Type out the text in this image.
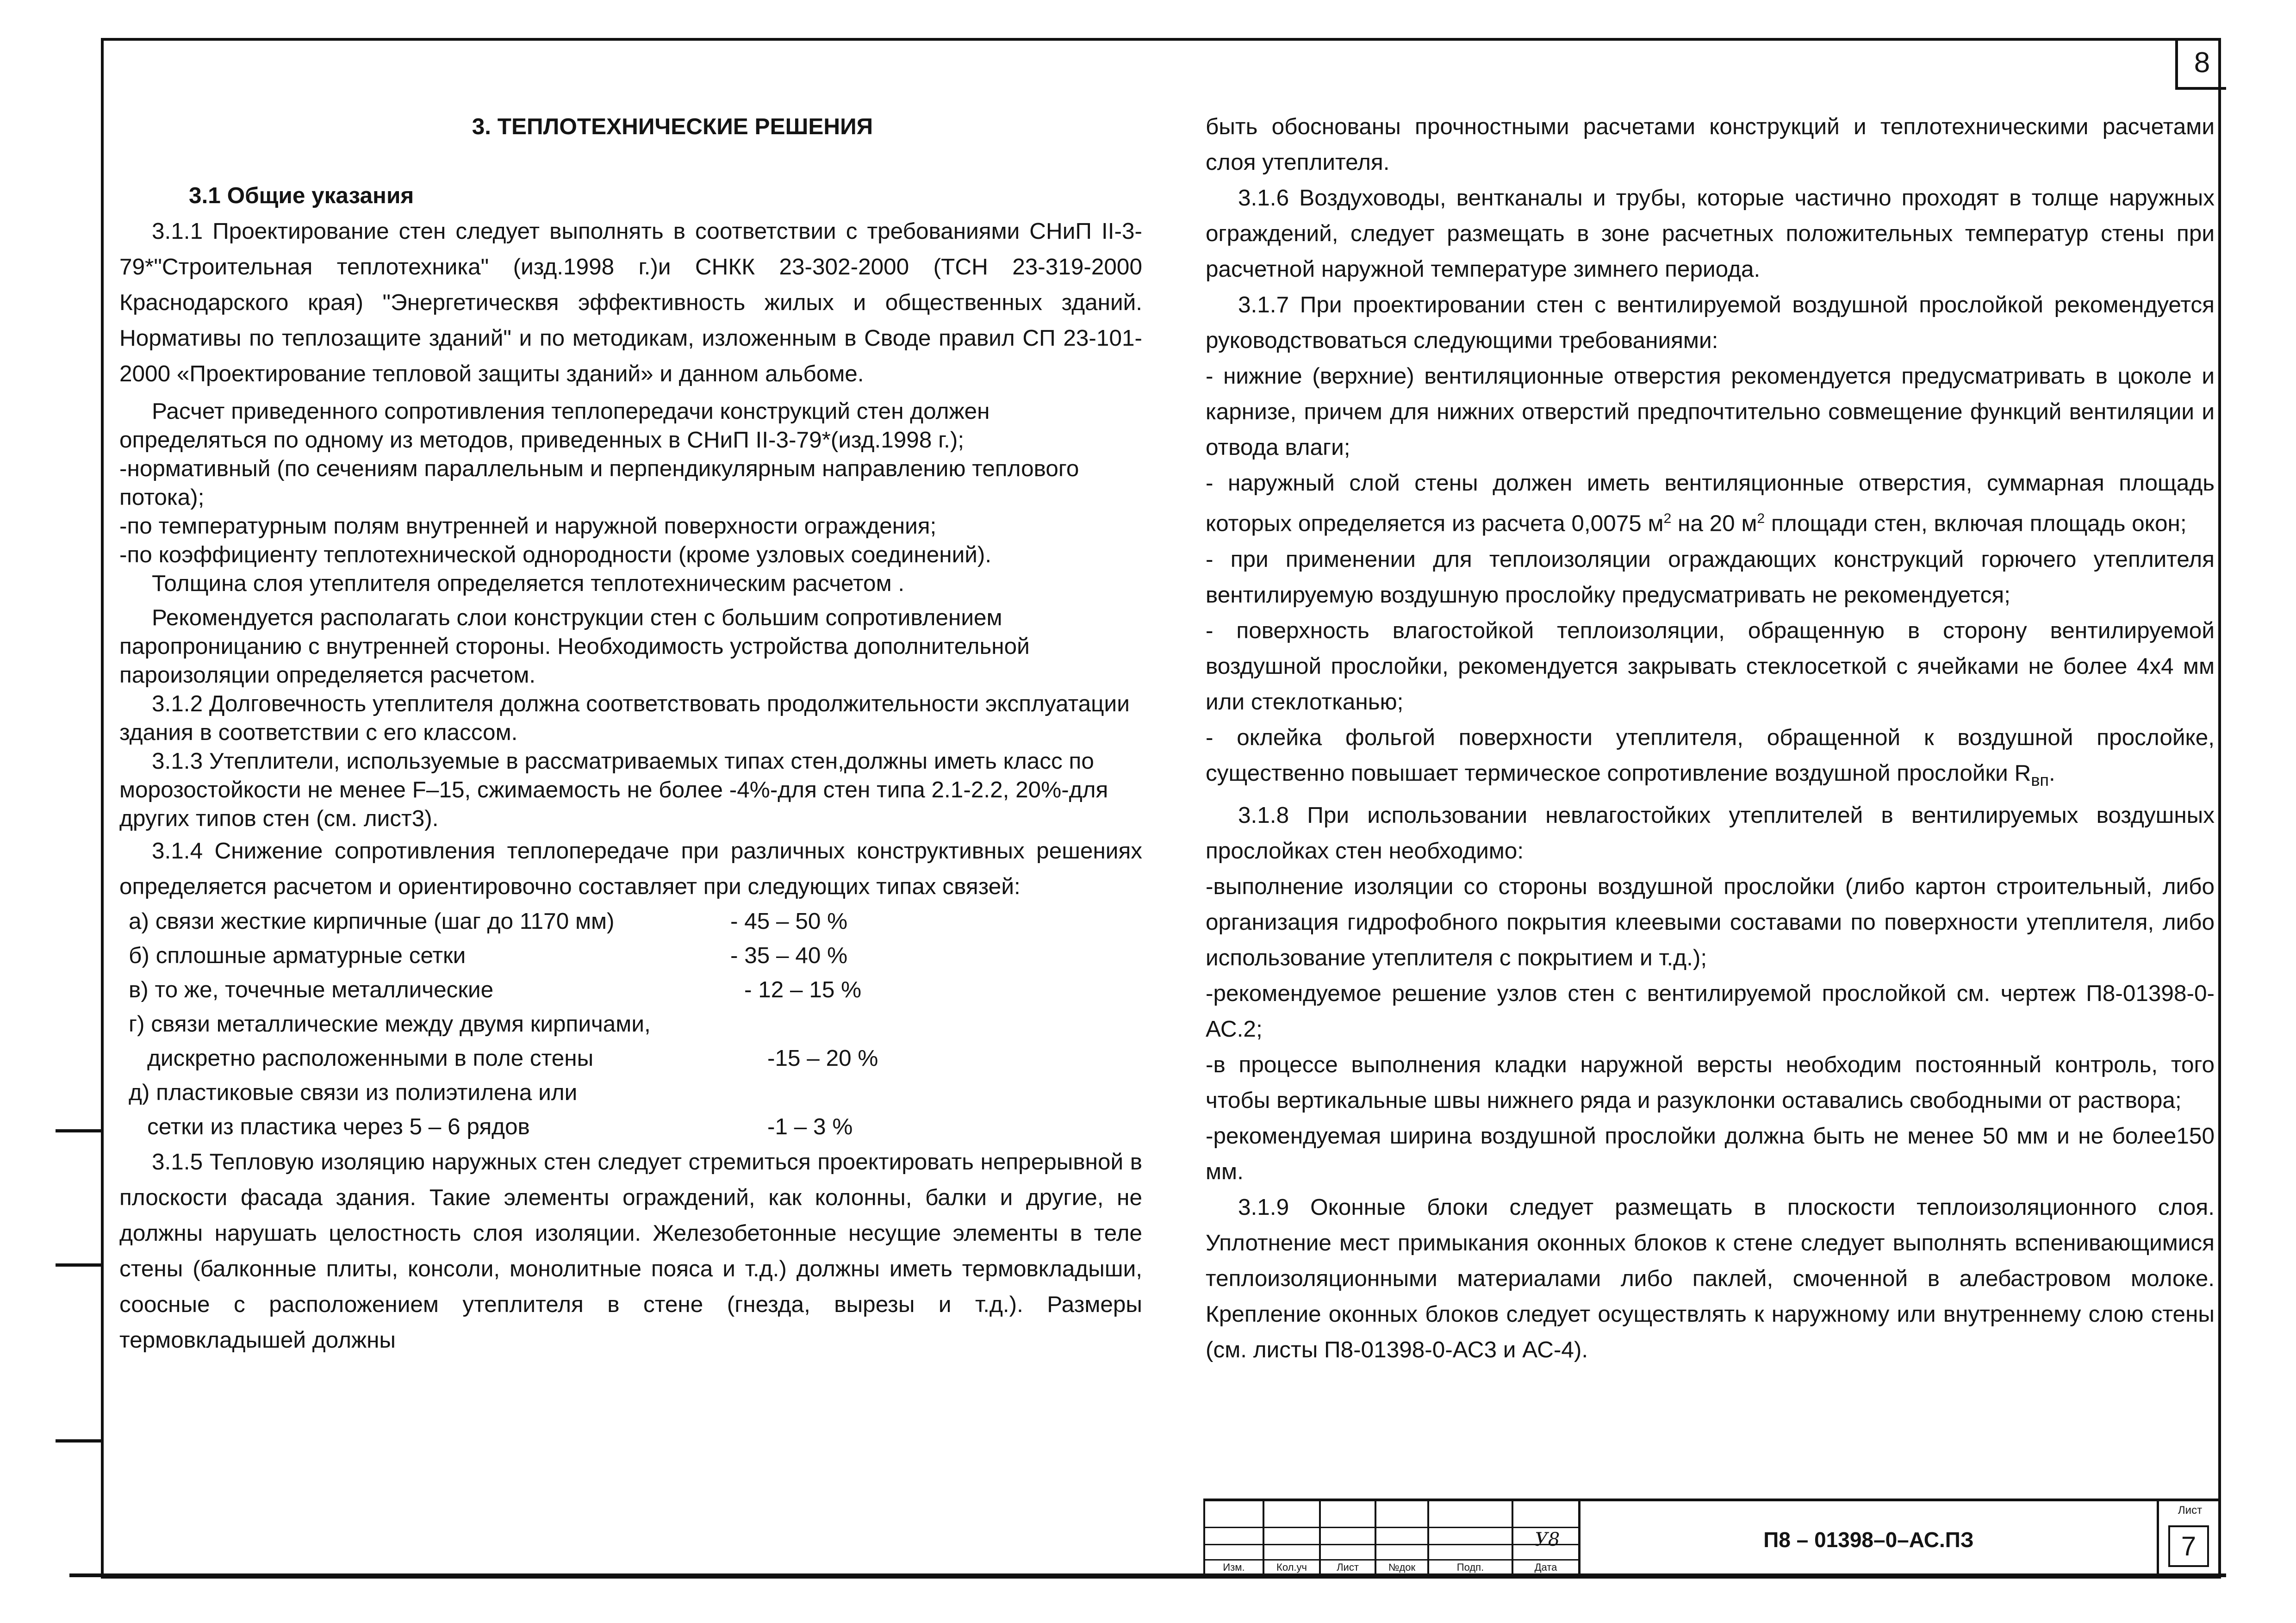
8

3. ТЕПЛОТЕХНИЧЕСКИЕ РЕШЕНИЯ

3.1 Общие указания

3.1.1 Проектирование стен следует выполнять в соответствии с требованиями СНиП II-3-79*"Строительная теплотехника" (изд.1998 г.)и СНКК 23-302-2000 (ТСН 23-319-2000 Краснодарского края) "Энергетическвя эффективность жилых и общественных зданий. Нормативы по теплозащите зданий" и по методикам, изложенным в Своде правил СП 23-101-2000 «Проектирование тепловой защиты зданий» и данном альбоме.

Расчет приведенного сопротивления теплопередачи конструкций стен должен определяться по одному из методов, приведенных в СНиП II-3-79*(изд.1998 г.);

-нормативный (по сечениям параллельным и перпендикулярным направлению теплового потока);

-по температурным полям внутренней и наружной поверхности ограждения;

-по коэффициенту теплотехнической однородности (кроме узловых соединений).

Толщина слоя утеплителя определяется теплотехническим расчетом .

Рекомендуется располагать слои конструкции стен с большим сопротивлением паропроницанию с внутренней стороны. Необходимость устройства дополнительной пароизоляции определяется расчетом.

3.1.2 Долговечность утеплителя должна соответствовать продолжительности эксплуатации здания в соответствии с его классом.

3.1.3 Утеплители, используемые в рассматриваемых типах стен,должны иметь класс по морозостойкости не менее F–15, сжимаемость не более -4%-для стен типа 2.1-2.2, 20%-для других типов стен (см. лист3).

3.1.4 Снижение сопротивления теплопередаче при различных конструктивных решениях определяется расчетом и ориентировочно составляет при следующих типах связей:

а) связи жесткие кирпичные (шаг до 1170 мм)	- 45 – 50 %
б) сплошные арматурные сетки	- 35 – 40 %
в) то же, точечные металлические	- 12 – 15 %
г) связи металлические между двумя кирпичами,
дискретно расположенными в поле стены	-15 – 20 %
д) пластиковые связи из полиэтилена или
сетки из пластика через 5 – 6 рядов	-1 – 3 %

3.1.5 Тепловую изоляцию наружных стен следует стремиться проектировать непрерывной в плоскости фасада здания. Такие элементы ограждений, как колонны, балки и другие, не должны нарушать целостность слоя изоляции. Железобетонные несущие элементы в теле стены (балконные плиты, консоли, монолитные пояса и т.д.) должны иметь термовкладыши, соосные с расположением утеплителя в стене (гнезда, вырезы и т.д.). Размеры термовкладышей должны

быть обоснованы прочностными расчетами конструкций и теплотехническими расчетами слоя утеплителя.

3.1.6 Воздуховоды, вентканалы и трубы, которые частично проходят в толще наружных ограждений, следует размещать в зоне расчетных положительных температур стены при расчетной наружной температуре зимнего периода.

3.1.7 При проектировании стен с вентилируемой воздушной прослойкой рекомендуется руководствоваться следующими требованиями:

- нижние (верхние) вентиляционные отверстия рекомендуется предусматривать в цоколе и карнизе, причем для нижних отверстий предпочтительно совмещение функций вентиляции и отвода влаги;

- наружный слой стены должен иметь вентиляционные отверстия, суммарная площадь которых определяется из расчета 0,0075 $м^2$ на 20 $м^2$ площади стен, включая площадь окон;

- при применении для теплоизоляции ограждающих конструкций горючего утеплителя вентилируемую воздушную прослойку предусматривать не рекомендуется;

- поверхность влагостойкой теплоизоляции, обращенную в сторону вентилируемой воздушной прослойки, рекомендуется закрывать стеклосеткой с ячейками не более 4х4 мм или стеклотканью;

- оклейка фольгой поверхности утеплителя, обращенной к воздушной прослойке, существенно повышает термическое сопротивление воздушной прослойки $R_{вп}$.

3.1.8 При использовании невлагостойких утеплителей в вентилируемых воздушных прослойках стен необходимо:

-выполнение изоляции со стороны воздушной прослойки (либо картон строительный, либо организация гидрофобного покрытия клеевыми составами по поверхности утеплителя, либо использование утеплителя с покрытием и т.д.);

-рекомендуемое решение узлов стен с вентилируемой прослойкой см. чертеж П8-01398-0-АС.2;

-в процессе выполнения кладки наружной версты необходим постоянный контроль, того чтобы вертикальные швы нижнего ряда и разуклонки оставались свободными от раствора;

-рекомендуемая ширина воздушной прослойки должна быть не менее 50 мм и не более150 мм.

3.1.9 Оконные блоки следует размещать в плоскости теплоизоляционного слоя. Уплотнение мест примыкания оконных блоков к стене следует выполнять вспенивающимися теплоизоляционными материалами либо паклей, смоченной в алебастровом молоке. Крепление оконных блоков следует осуществлять к наружному или внутреннему слою стены (см. листы П8-01398-0-АС3 и АС-4).

Изм.	Кол.уч	Лист	№док	Подп.	Дата
У8	П8 – 01398–0–АС.ПЗ
Лист
7
